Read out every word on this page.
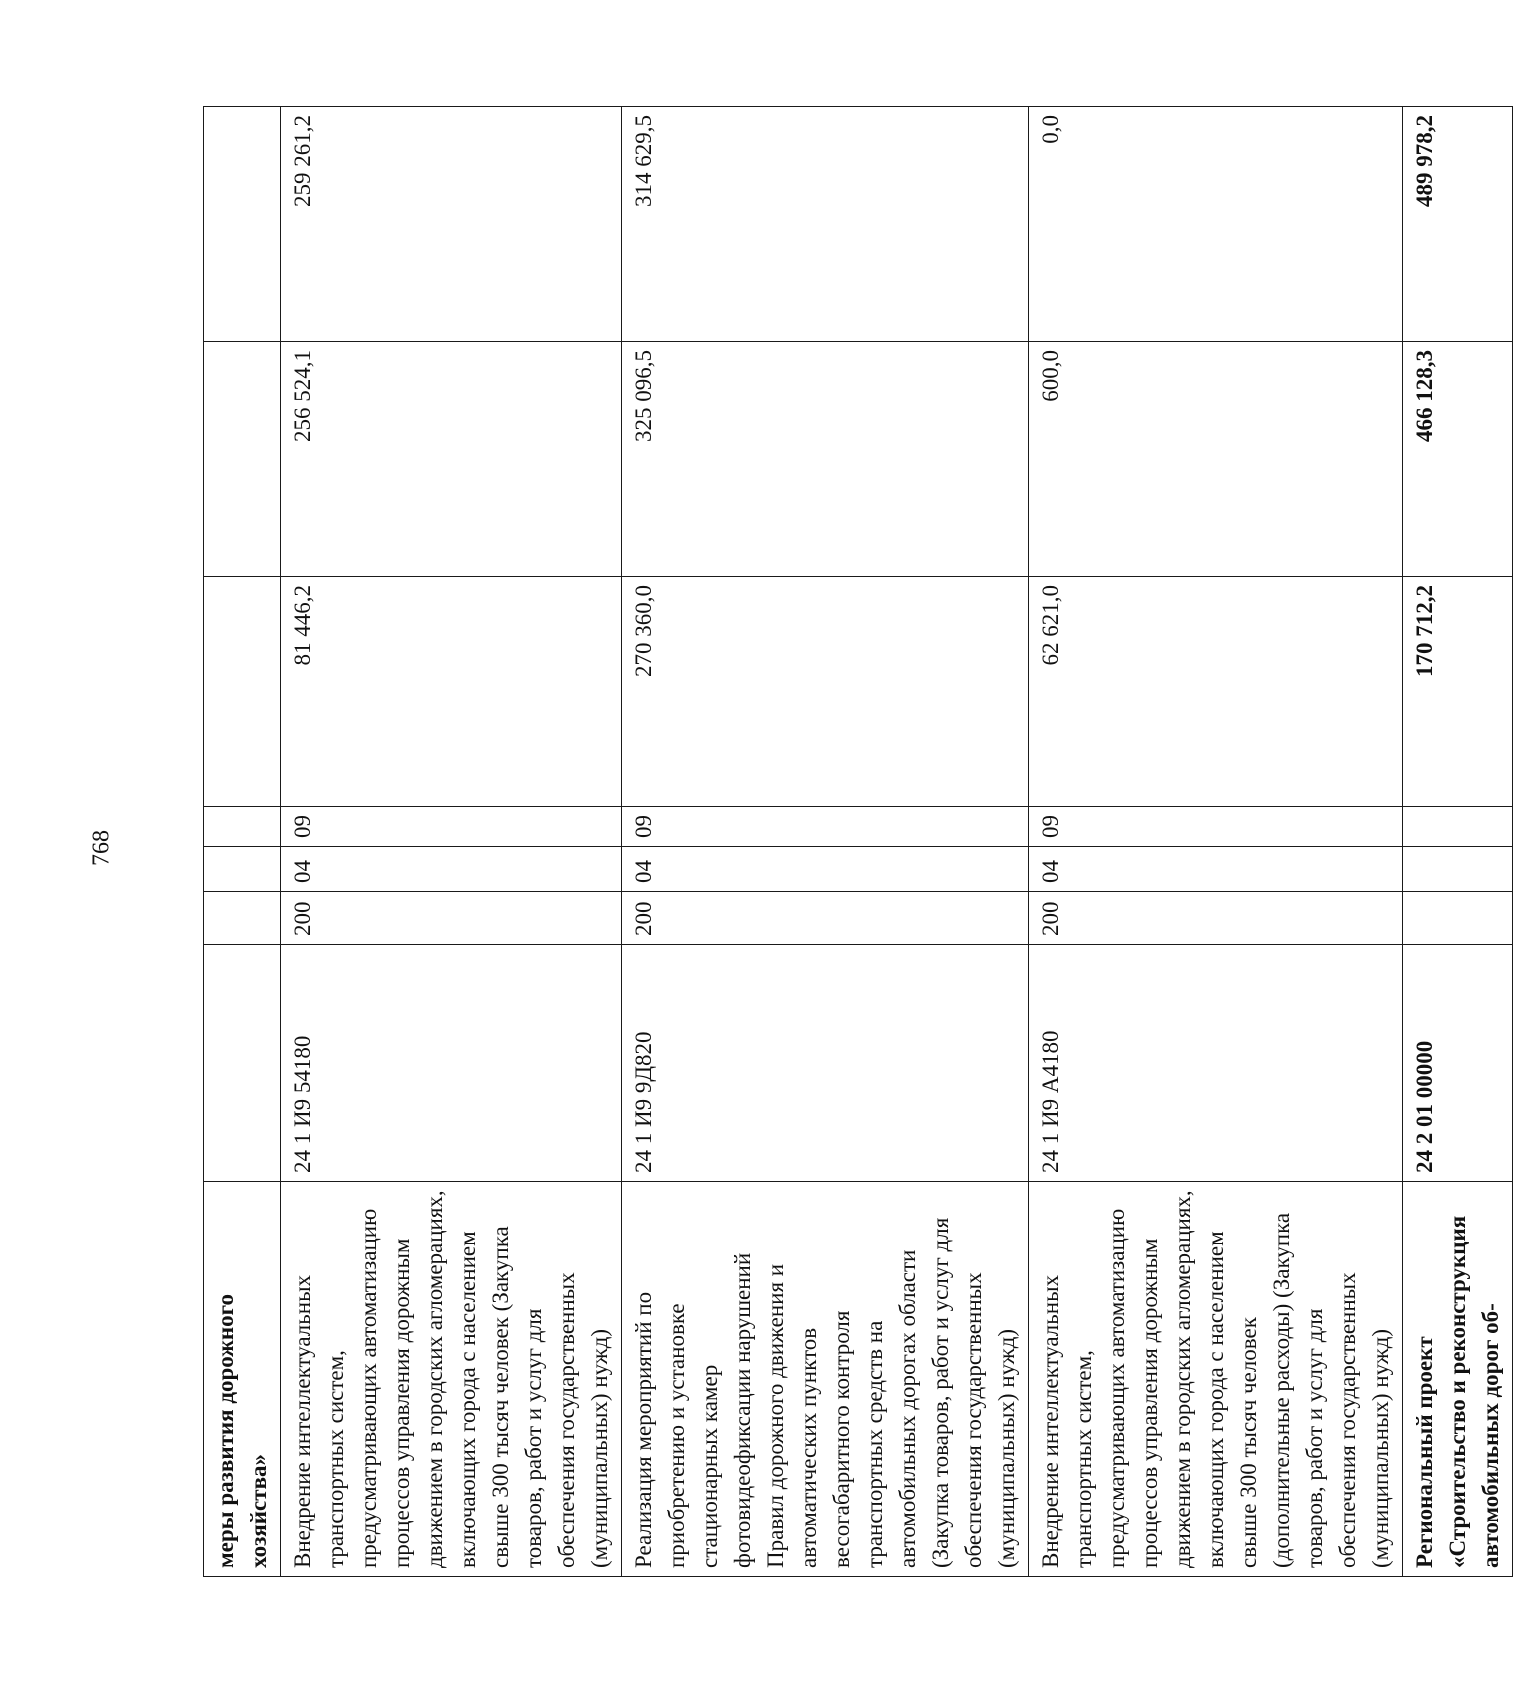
768
меры развития дорожного хозяйства»							
Внедрение интеллектуальных транспортных систем, предусматривающих автоматизацию процессов управления дорожным движением в городских агломерациях, включающих города с населением свыше 300 тысяч человек (Закупка товаров, работ и услуг для обеспечения государственных (муниципальных) нужд)	24 1 И9 54180	200	04	09	81 446,2	256 524,1	259 261,2
Реализация мероприятий по приобретению и установке стационарных камер фотовидеофиксации нарушений Правил дорожного движения и автоматических пунктов весогабаритного контроля транспортных средств на автомобильных дорогах области (Закупка товаров, работ и услуг для обеспечения государственных (муниципальных) нужд)	24 1 И9 9Д820	200	04	09	270 360,0	325 096,5	314 629,5
Внедрение интеллектуальных транспортных систем, предусматривающих автоматизацию процессов управления дорожным движением в городских агломерациях, включающих города с населением свыше 300 тысяч человек (дополнительные расходы) (Закупка товаров, работ и услуг для обеспечения государственных (муниципальных) нужд)	24 1 И9 А4180	200	04	09	62 621,0	600,0	0,0
Региональный проект «Строительство и реконструкция автомобильных дорог об-	24 2 01 00000				170 712,2	466 128,3	489 978,2
